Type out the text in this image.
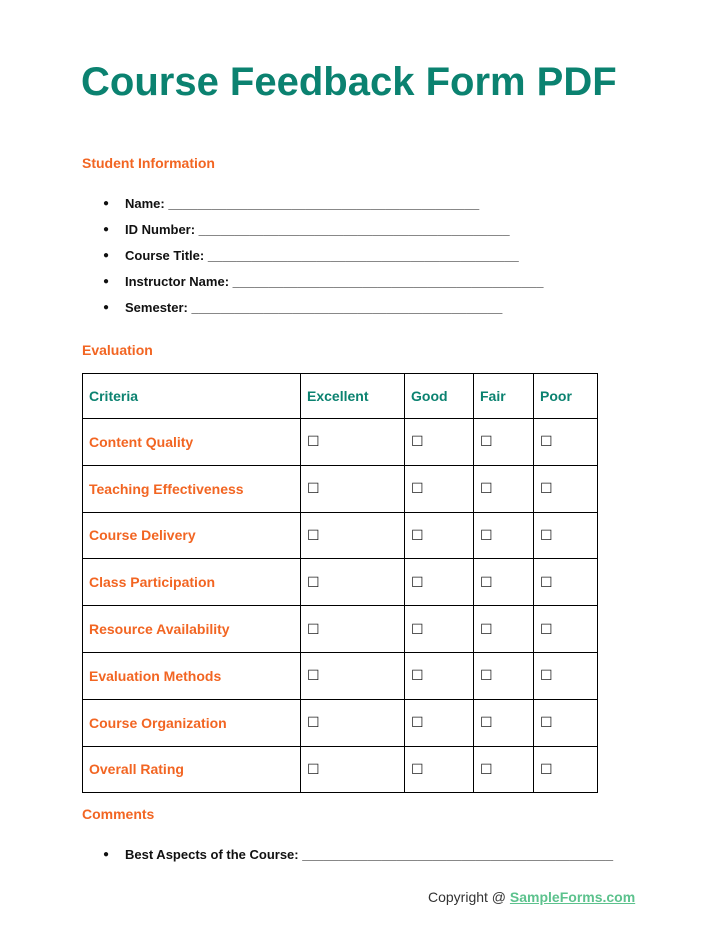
Course Feedback Form PDF
Student Information
● Name: ___________________________________________
● ID Number: ___________________________________________
● Course Title: ___________________________________________
● Instructor Name: ___________________________________________
● Semester: ___________________________________________
Evaluation
Criteria	Excellent	Good	Fair	Poor
Content Quality	☐	☐	☐	☐
Teaching Effectiveness	☐	☐	☐	☐
Course Delivery	☐	☐	☐	☐
Class Participation	☐	☐	☐	☐
Resource Availability	☐	☐	☐	☐
Evaluation Methods	☐	☐	☐	☐
Course Organization	☐	☐	☐	☐
Overall Rating	☐	☐	☐	☐
Comments
● Best Aspects of the Course: ___________________________________________
Copyright @ SampleForms.com
